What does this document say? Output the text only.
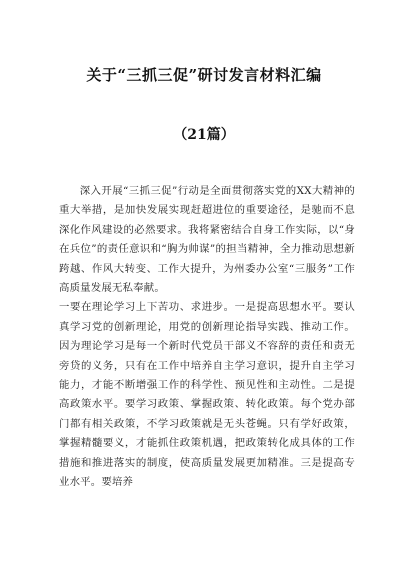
关于“三抓三促”研讨发言材料汇编
（21篇）

深入开展“三抓三促”行动是全面贯彻落实党的XX大精神的重大举措，是加快发展实现赶超进位的重要途径，是驰而不息深化作风建设的必然要求。我将紧密结合自身工作实际，以“身在兵位”的责任意识和“胸为帅谋”的担当精神，全力推动思想新跨越、作风大转变、工作大提升，为州委办公室“三服务”工作高质量发展无私奉献。

一要在理论学习上下苦功、求进步。一是提高思想水平。要认真学习党的创新理论，用党的创新理论指导实践、推动工作。因为理论学习是每一个新时代党员干部义不容辞的责任和责无旁贷的义务，只有在工作中培养自主学习意识，提升自主学习能力，才能不断增强工作的科学性、预见性和主动性。二是提高政策水平。要学习政策、掌握政策、转化政策。每个党办部门都有相关政策，不学习政策就是无头苍蝇。只有学好政策，掌握精髓要义，才能抓住政策机遇，把政策转化成具体的工作措施和推进落实的制度，使高质量发展更加精准。三是提高专业水平。要培养
